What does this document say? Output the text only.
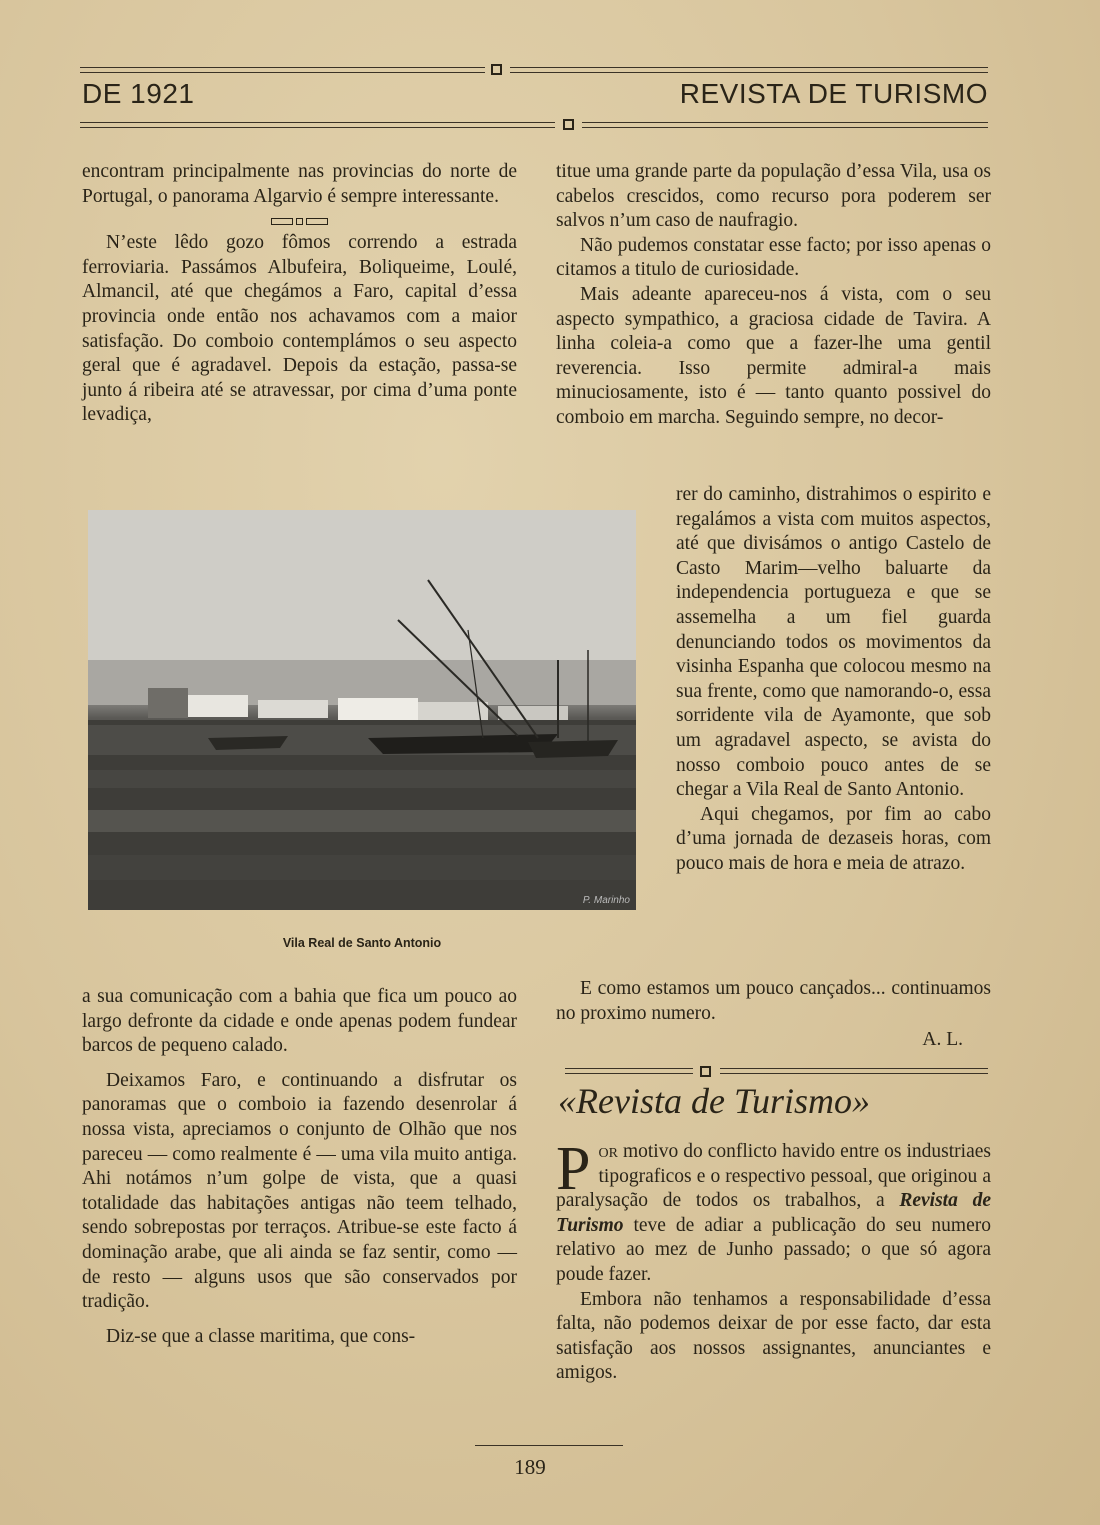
DE 1921	REVISTA DE TURISMO

encontram principalmente nas provincias do norte de Portugal, o panorama Algarvio é sempre interessante.

N’este lêdo gozo fômos correndo a estrada ferroviaria. Passámos Albufeira, Boliqueime, Loulé, Almancil, até que chegámos a Faro, capital d’essa provincia onde então nos achavamos com a maior satisfação. Do comboio contemplámos o seu aspecto geral que é agradavel. Depois da estação, passa-se junto á ribeira até se atravessar, por cima d’uma ponte levadiça,

P. Marinho
Vila Real de Santo Antonio

a sua comunicação com a bahia que fica um pouco ao largo defronte da cidade e onde apenas podem fundear barcos de pequeno calado.

Deixamos Faro, e continuando a disfrutar os panoramas que o comboio ia fazendo desenrolar á nossa vista, apreciamos o conjunto de Olhão que nos pareceu — como realmente é — uma vila muito antiga. Ahi notámos n’um golpe de vista, que a quasi totalidade das habitações antigas não teem telhado, sendo sobrepostas por terraços. Atribue-se este facto á dominação arabe, que ali ainda se faz sentir, como — de resto — alguns usos que são conservados por tradição.

Diz-se que a classe maritima, que cons-

titue uma grande parte da população d’essa Vila, usa os cabelos crescidos, como recurso pora poderem ser salvos n’um caso de naufragio.

Não pudemos constatar esse facto; por isso apenas o citamos a titulo de curiosidade.

Mais adeante apareceu-nos á vista, com o seu aspecto sympathico, a graciosa cidade de Tavira. A linha coleia-a como que a fazer-lhe uma gentil reverencia. Isso permite admiral-a mais minuciosamente, isto é — tanto quanto possivel do comboio em marcha. Seguindo sempre, no decor-

rer do caminho, distrahimos o espirito e regalámos a vista com muitos aspectos, até que divisámos o antigo Castelo de Casto Marim—velho baluarte da independencia portugueza e que se assemelha a um fiel guarda denunciando todos os movimentos da visinha Espanha que colocou mesmo na sua frente, como que namorando-o, essa sorridente vila de Ayamonte, que sob um agradavel aspecto, se avista do nosso comboio pouco antes de se chegar a Vila Real de Santo Antonio.

Aqui chegamos, por fim ao cabo d’uma jornada de dezaseis horas, com pouco mais de hora e meia de atrazo.

E como estamos um pouco cançados... continuamos no proximo numero.

A. L.

«Revista de Turismo»

Por motivo do conflicto havido entre os industriaes tipograficos e o respectivo pessoal, que originou a paralysação de todos os trabalhos, a Revista de Turismo teve de adiar a publicação do seu numero relativo ao mez de Junho passado; o que só agora poude fazer.

Embora não tenhamos a responsabilidade d’essa falta, não podemos deixar de por esse facto, dar esta satisfação aos nossos assignantes, anunciantes e amigos.

189
